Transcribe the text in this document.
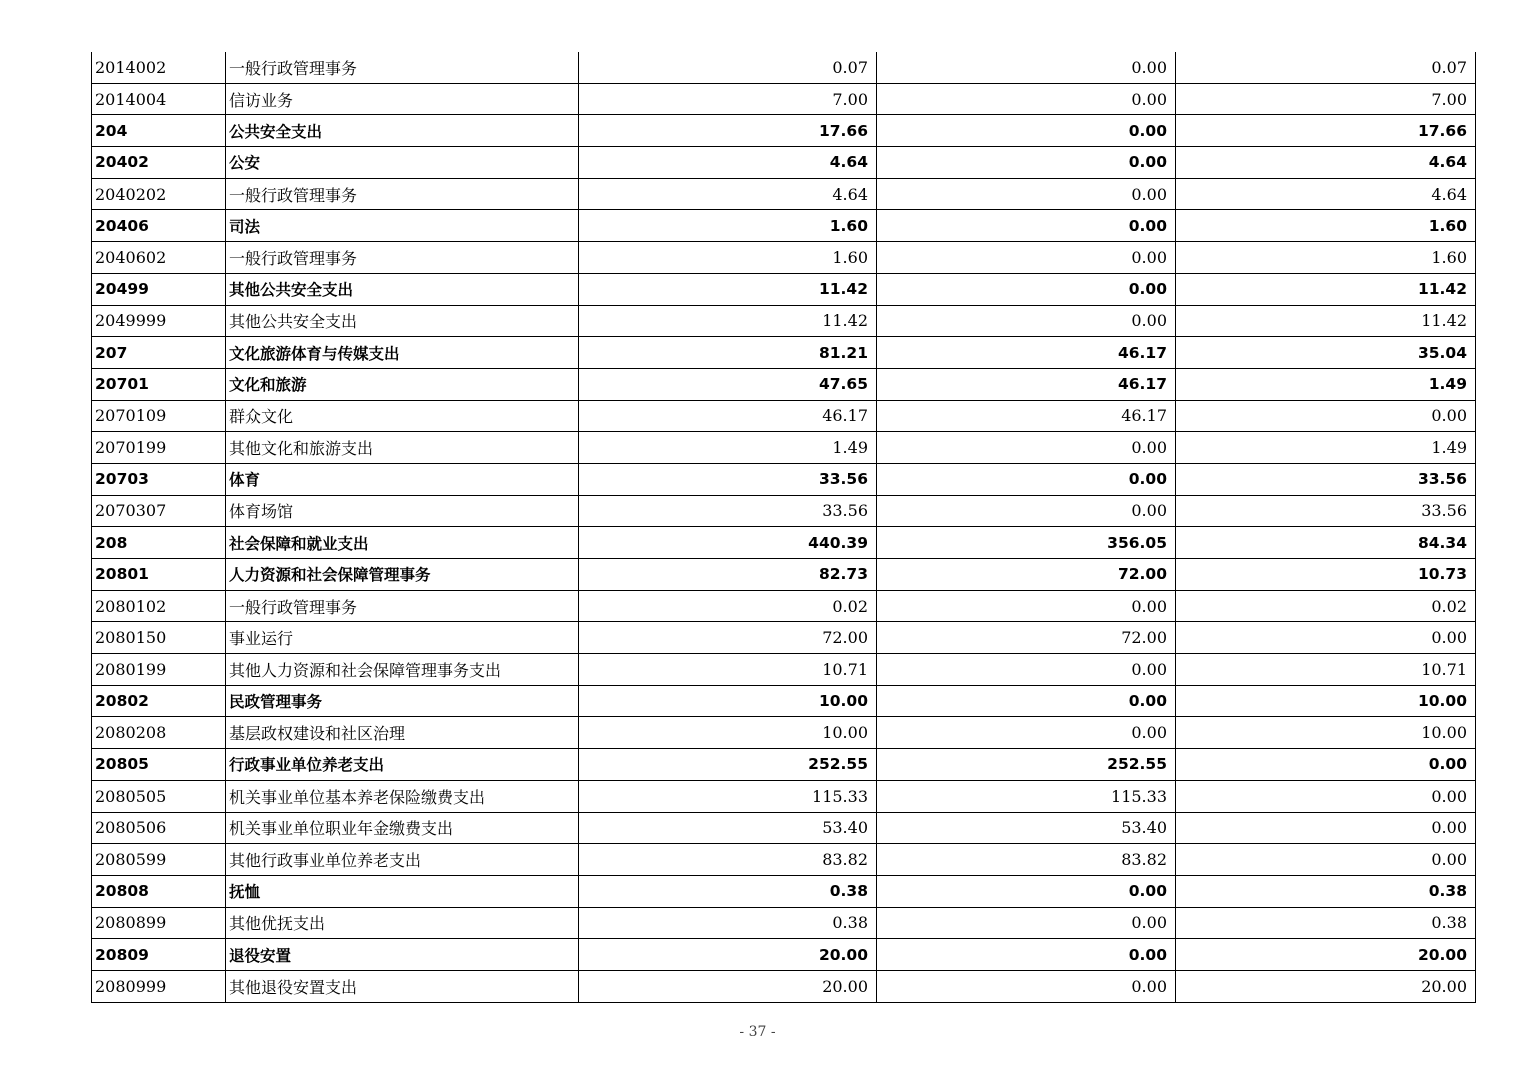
2014002	一般行政管理事务	0.07	0.00	0.07
2014004	信访业务	7.00	0.00	7.00
204	公共安全支出	17.66	0.00	17.66
20402	公安	4.64	0.00	4.64
2040202	一般行政管理事务	4.64	0.00	4.64
20406	司法	1.60	0.00	1.60
2040602	一般行政管理事务	1.60	0.00	1.60
20499	其他公共安全支出	11.42	0.00	11.42
2049999	其他公共安全支出	11.42	0.00	11.42
207	文化旅游体育与传媒支出	81.21	46.17	35.04
20701	文化和旅游	47.65	46.17	1.49
2070109	群众文化	46.17	46.17	0.00
2070199	其他文化和旅游支出	1.49	0.00	1.49
20703	体育	33.56	0.00	33.56
2070307	体育场馆	33.56	0.00	33.56
208	社会保障和就业支出	440.39	356.05	84.34
20801	人力资源和社会保障管理事务	82.73	72.00	10.73
2080102	一般行政管理事务	0.02	0.00	0.02
2080150	事业运行	72.00	72.00	0.00
2080199	其他人力资源和社会保障管理事务支出	10.71	0.00	10.71
20802	民政管理事务	10.00	0.00	10.00
2080208	基层政权建设和社区治理	10.00	0.00	10.00
20805	行政事业单位养老支出	252.55	252.55	0.00
2080505	机关事业单位基本养老保险缴费支出	115.33	115.33	0.00
2080506	机关事业单位职业年金缴费支出	53.40	53.40	0.00
2080599	其他行政事业单位养老支出	83.82	83.82	0.00
20808	抚恤	0.38	0.00	0.38
2080899	其他优抚支出	0.38	0.00	0.38
20809	退役安置	20.00	0.00	20.00
2080999	其他退役安置支出	20.00	0.00	20.00
- 37 -
